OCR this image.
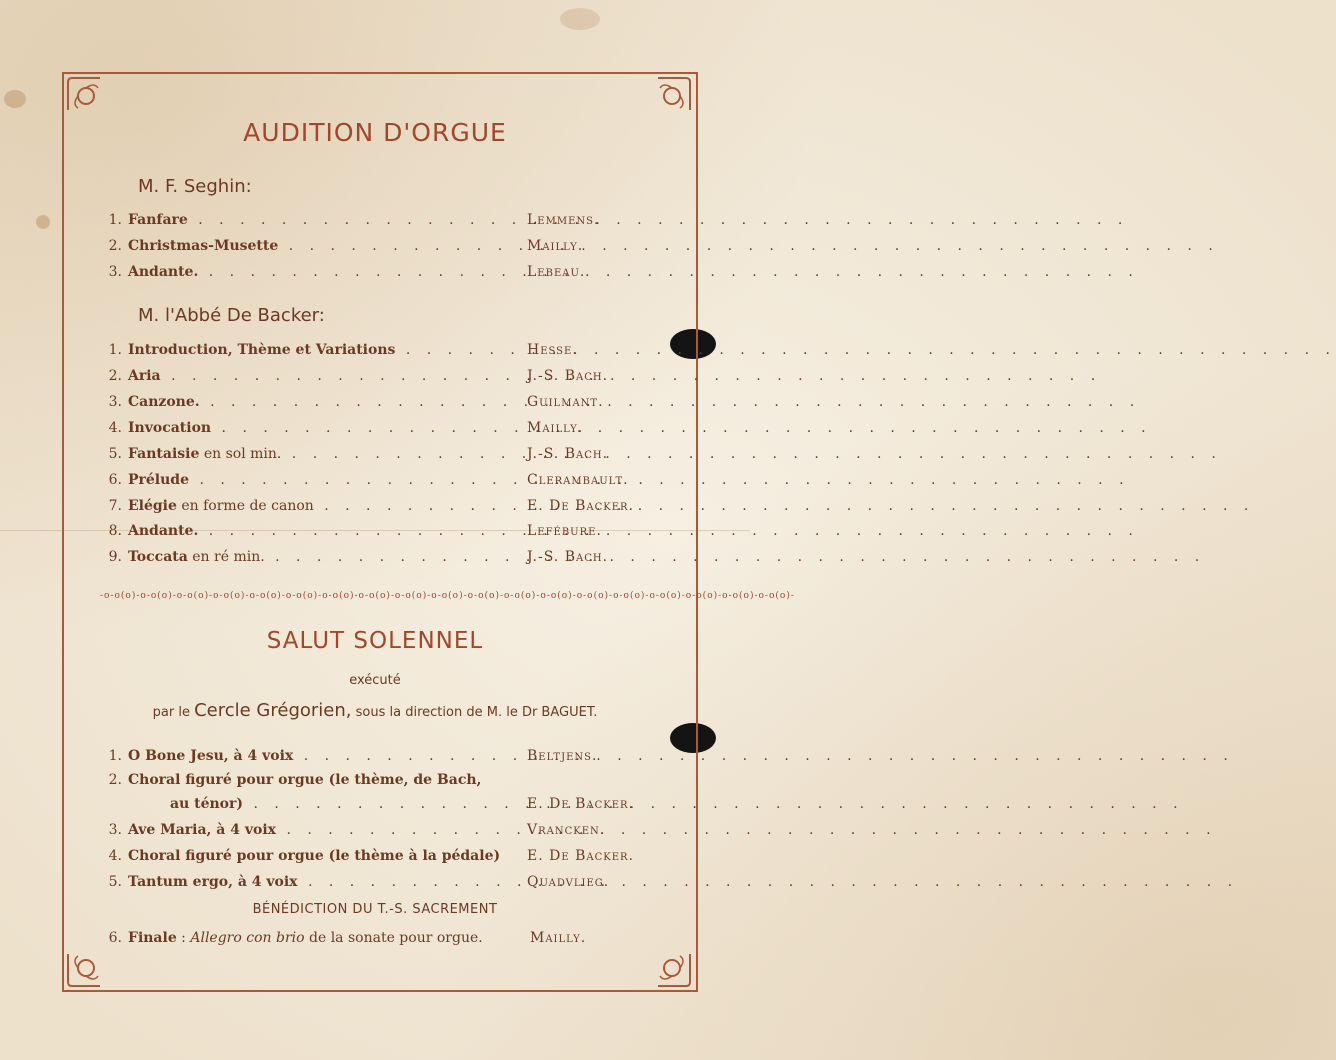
AUDITION D'ORGUE
M. F. Seghin:
1. Fanfare . . .	Lemmens.
2. Christmas-Musette . . .	Mailly.
3. Andante. . . .	Lebeau.
M. l'Abbé De Backer:
1. Introduction, Thème et Variations . . .	Hesse.
2. Aria . . .	J.-S. Bach.
3. Canzone. . . .	Guilmant.
4. Invocation . . .	Mailly.
5. Fantaisie en sol min. . . .	J.-S. Bach.
6. Prélude . . .	Clerambault.
7. Elégie en forme de canon . . .	E. De Backer.
8. Andante. . . .	Lefébure.
9. Toccata en ré min. . . .	J.-S. Bach.
-o-o(o)-o-o(o)-o-o(o)-o-o(o)-o-o(o)-o-o(o)-o-o(o)-o-o(o)-o-o(o)-o-o(o)-o-o(o)-o-o(o)-o-o(o)-o-o(o)-o-o(o)-o-o(o)-o-o(o)-o-o(o)-o-o(o)-
SALUT SOLENNEL
exécuté
par le Cercle Grégorien, sous la direction de M. le Dr BAGUET.
1. O Bone Jesu, à 4 voix . . .	Beltjens.
2. Choral figuré pour orgue (le thème, de Bach,
au ténor) . . .	E. De Backer.
3. Ave Maria, à 4 voix . . .	Vrancken.
4. Choral figuré pour orgue (le thème à la pédale)	E. De Backer.
5. Tantum ergo, à 4 voix . . .	Quadvlieg.
BÉNÉDICTION DU T.-S. SACREMENT
6. Finale : Allegro con brio de la sonate pour orgue.	Mailly.
